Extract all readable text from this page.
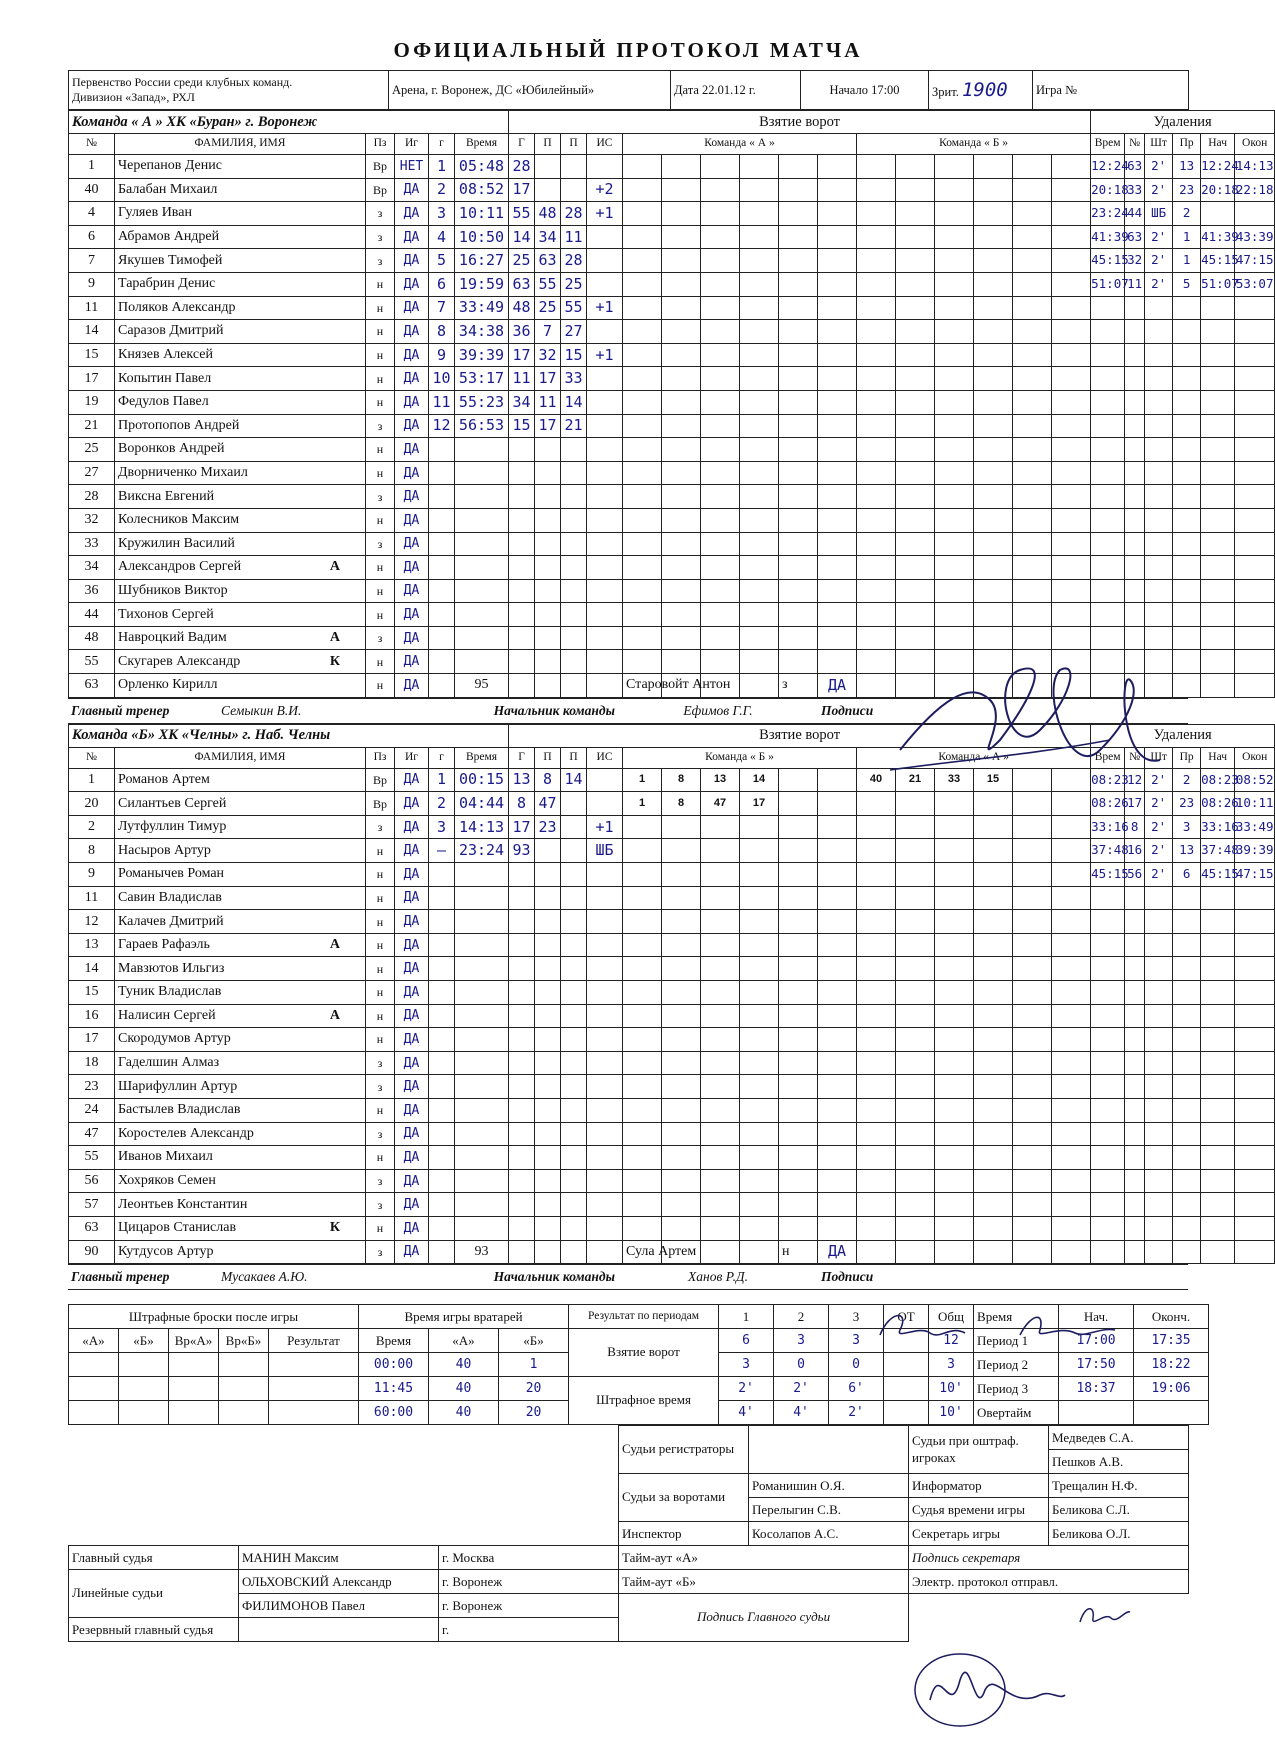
ОФИЦИАЛЬНЫЙ ПРОТОКОЛ МАТЧА
Первенство России среди клубных команд.
Дивизион «Запад», РХЛ
	Арена, г. Воронеж, ДС «Юбилейный»	Дата 22.01.12 г.	Начало 17:00	Зрит. 1900	Игра №
Команда « А » ХК «Буран» г. Воронеж						Взятие ворот																Удаления					
№	ФАМИЛИЯ, ИМЯ	Пз	Иг	г	Время	Г	П	П	ИС	Команда « А »						Команда « Б »						Врем	№	Шт	Пр	Нач	Окон
1	Черепанов Денис	Вр	НЕТ	1	05:48	28																12:24	63	2'	13	12:24	14:13
40	Балабан Михаил	Вр	ДА	2	08:52	17			+2													20:18	33	2'	23	20:18	22:18
4	Гуляев Иван	з	ДА	3	10:11	55	48	28	+1													23:24	44	ШБ	2		
6	Абрамов Андрей	з	ДА	4	10:50	14	34	11														41:39	63	2'	1	41:39	43:39
7	Якушев Тимофей	з	ДА	5	16:27	25	63	28														45:15	32	2'	1	45:15	47:15
9	Тарабрин Денис	н	ДА	6	19:59	63	55	25														51:07	11	2'	5	51:07	53:07
11	Поляков Александр	н	ДА	7	33:49	48	25	55	+1																		
14	Саразов Дмитрий	н	ДА	8	34:38	36	7	27																			
15	Князев Алексей	н	ДА	9	39:39	17	32	15	+1																		
17	Копытин Павел	н	ДА	10	53:17	11	17	33																			
19	Федулов Павел	н	ДА	11	55:23	34	11	14																			
21	Протопопов Андрей	з	ДА	12	56:53	15	17	21																			
25	Воронков Андрей	н	ДА																								
27	Дворниченко Михаил	н	ДА																								
28	Виксна Евгений	з	ДА																								
32	Колесников Максим	н	ДА																								
33	Кружилин Василий	з	ДА																								
34	Александров Сергей А	н	ДА																								
36	Шубников Виктор	н	ДА																								
44	Тихонов Сергей	н	ДА																								
48	Навроцкий Вадим А	з	ДА																								
55	Скугарев Александр К	н	ДА																								
63	Орленко Кирилл	н	ДА		95					Старовойт Антон				з	ДА												
Главный тренер	Семыкин В.И.	Начальник команды	Ефимов Г.Г.	Подписи	
Команда «Б» ХК «Челны» г. Наб. Челны						Взятие ворот																Удаления					
№	ФАМИЛИЯ, ИМЯ	Пз	Иг	г	Время	Г	П	П	ИС	Команда « Б »						Команда « А »						Врем	№	Шт	Пр	Нач	Окон
1	Романов Артем	Вр	ДА	1	00:15	13	8	14		1	8	13	14			40	21	33	15			08:23	12	2'	2	08:23	08:52
20	Силантьев Сергей	Вр	ДА	2	04:44	8	47			1	8	47	17									08:26	17	2'	23	08:26	10:11
2	Лутфуллин Тимур	з	ДА	3	14:13	17	23		+1													33:16	8	2'	3	33:16	33:49
8	Насыров Артур	н	ДА	–	23:24	93			ШБ													37:48	16	2'	13	37:48	39:39
9	Романычев Роман	н	ДА																			45:15	56	2'	6	45:15	47:15
11	Савин Владислав	н	ДА																								
12	Калачев Дмитрий	н	ДА																								
13	Гараев Рафаэль А	н	ДА																								
14	Мавзютов Ильгиз	н	ДА																								
15	Туник Владислав	н	ДА																								
16	Налисин Сергей А	н	ДА																								
17	Скородумов Артур	н	ДА																								
18	Гаделшин Алмаз	з	ДА																								
23	Шарифуллин Артур	з	ДА																								
24	Бастылев Владислав	н	ДА																								
47	Коростелев Александр	з	ДА																								
55	Иванов Михаил	н	ДА																								
56	Хохряков Семен	з	ДА																								
57	Леонтьев Константин	з	ДА																								
63	Цицаров Станислав К	н	ДА																								
90	Кутдусов Артур	з	ДА		93					Сула Артем				н	ДА												
Главный тренер	Мусакаев А.Ю.	Начальник команды	Ханов Р.Д.	Подписи	
Штрафные броски после игры					Время игры вратарей			Результат по периодам	1	2	3	ОТ	Общ	Время	Нач.	Оконч.
«А»	«Б»	Вр«А»	Вр«Б»	Результат	Время	«А»	«Б»	Взятие ворот	6	3	3		12	Период 1	17:00	17:35
					00:00	40	1		3	0	0		3	Период 2	17:50	18:22
					11:45	40	20	Штрафное время	2'	2'	6'		10'	Период 3	18:37	19:06
					60:00	40	20		4'	4'	2'		10'	Овертайм		
			Судьи регистраторы		Судьи при оштраф. игроках	Медведев С.А.
						Пешков А.В.
			Судьи за воротами	Романишин О.Я.	Информатор	Трещалин Н.Ф.
				Перелыгин С.В.	Судья времени игры	Беликова С.Л.
			Инспектор	Косолапов А.С.	Секретарь игры	Беликова О.Л.
Главный судья	МАНИН Максим	г. Москва	Тайм-аут «А»		Подпись секретаря	
Линейные судьи	ОЛЬХОВСКИЙ Александр	г. Воронеж	Тайм-аут «Б»		Электр. протокол отправл.	
	ФИЛИМОНОВ Павел	г. Воронеж	Подпись Главного судьи			
Резервный главный судья		г.				
